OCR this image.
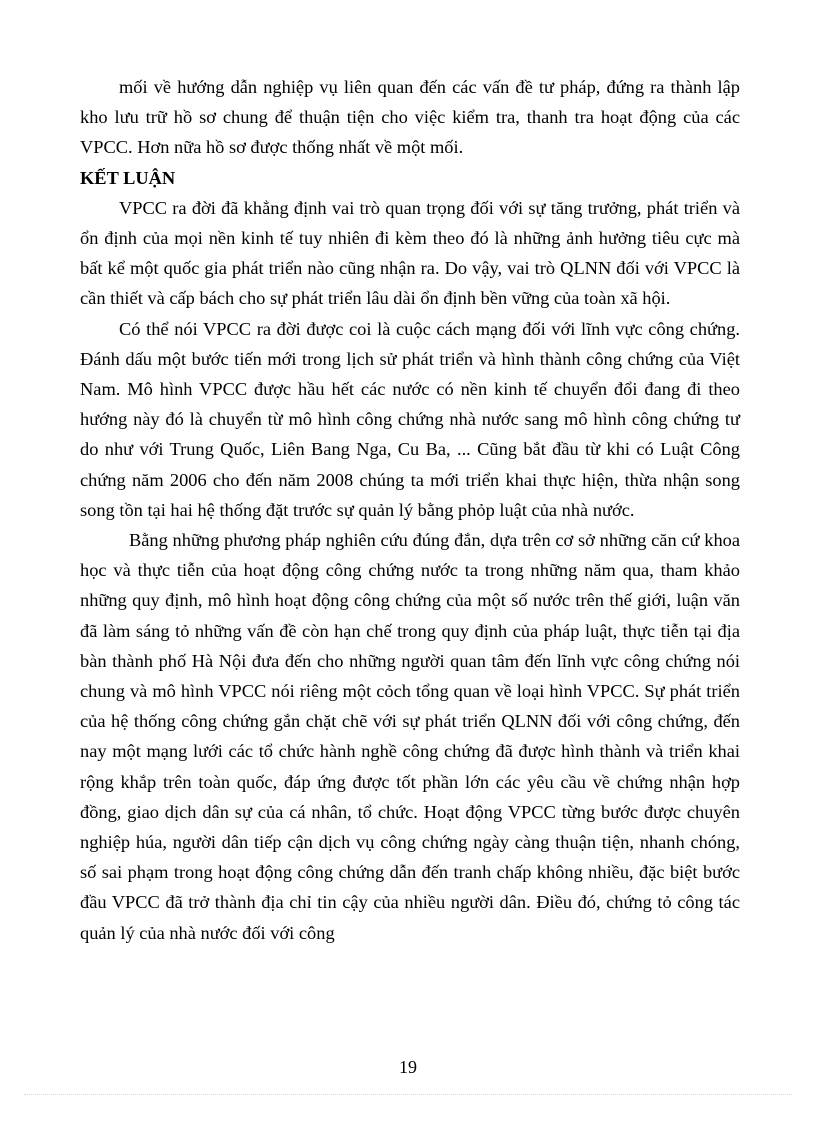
mối về hướng dẫn nghiệp vụ liên quan đến các vấn đề tư pháp, đứng ra thành lập kho lưu trữ hồ sơ chung để thuận tiện cho việc kiểm tra, thanh tra hoạt động của các VPCC. Hơn nữa hồ sơ được thống nhất về một mối.

KẾT LUẬN

VPCC ra đời đã khẳng định vai trò quan trọng đối với sự tăng trưởng, phát triển và ổn định của mọi nền kinh tế tuy nhiên đi kèm theo đó là những ảnh hưởng tiêu cực mà bất kể một quốc gia phát triển nào cũng nhận ra. Do vậy, vai trò QLNN đối với VPCC là cần thiết và cấp bách cho sự phát triển lâu dài ổn định bền vững của toàn xã hội.

Có thể nói VPCC ra đời được coi là cuộc cách mạng đối với lĩnh vực công chứng. Đánh dấu một bước tiến mới trong lịch sử phát triển và hình thành công chứng của Việt Nam. Mô hình VPCC được hầu hết các nước có nền kinh tế chuyển đổi đang đi theo hướng này đó là chuyển từ mô hình công chứng nhà nước sang mô hình công chứng tư do như với Trung Quốc, Liên Bang Nga, Cu Ba, ... Cũng bắt đầu từ khi có Luật Công chứng năm 2006 cho đến năm 2008 chúng ta mới triển khai thực hiện, thừa nhận song song tồn tại hai hệ thống đặt trước sự quản lý bằng phỏp luật của nhà nước.

Bằng những phương pháp nghiên cứu đúng đắn, dựa trên cơ sở những căn cứ khoa học và thực tiễn của hoạt động công chứng nước ta trong những năm qua, tham khảo những quy định, mô hình hoạt động công chứng của một số nước trên thế giới, luận văn đã làm sáng tỏ những vấn đề còn hạn chế trong quy định của pháp luật, thực tiễn tại địa bàn thành phố Hà Nội đưa đến cho những người quan tâm đến lĩnh vực công chứng nói chung và mô hình VPCC nói riêng một cỏch tổng quan về loại hình VPCC. Sự phát triển của hệ thống công chứng gắn chặt chẽ với sự phát triển QLNN đối với công chứng, đến nay một mạng lưới các tổ chức hành nghề công chứng đã được hình thành và triển khai rộng khắp trên toàn quốc, đáp ứng được tốt phần lớn các yêu cầu về chứng nhận hợp đồng, giao dịch dân sự của cá nhân, tổ chức. Hoạt động VPCC từng bước được chuyên nghiệp húa, người dân tiếp cận dịch vụ công chứng ngày càng thuận tiện, nhanh chóng, số sai phạm trong hoạt động công chứng dẫn đến tranh chấp không nhiều, đặc biệt bước đầu VPCC đã trở thành địa chỉ tin cậy của nhiều người dân. Điều đó, chứng tỏ công tác quản lý của nhà nước đối với công

19
